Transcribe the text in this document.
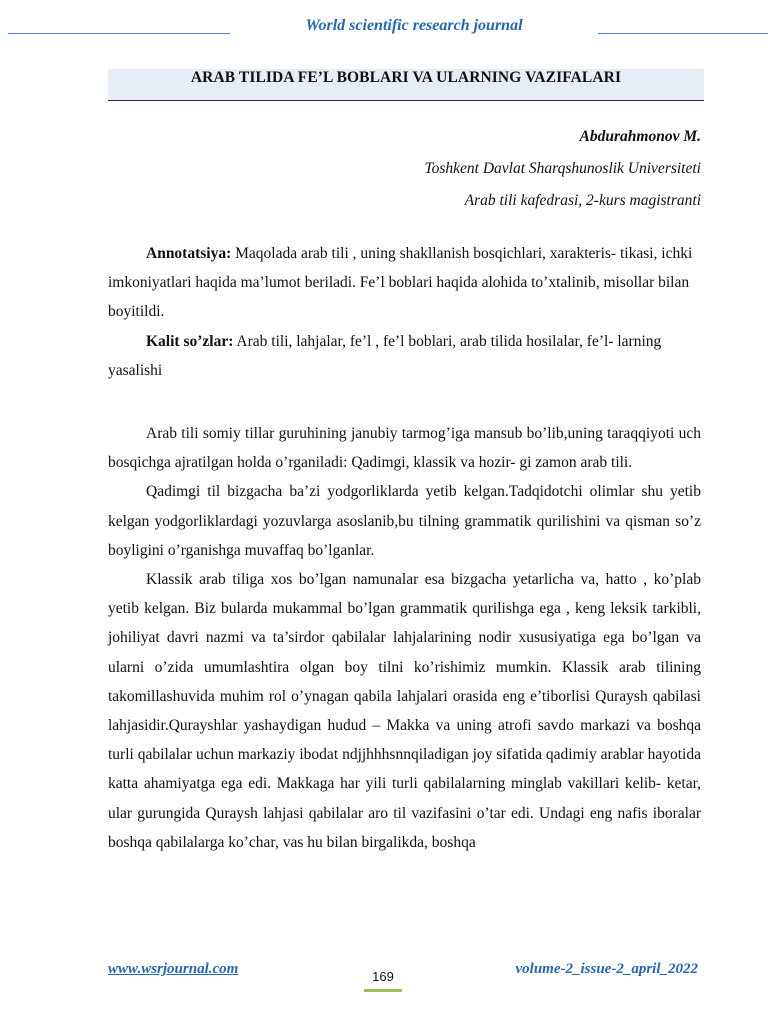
World scientific research journal
ARAB TILIDA FE’L BOBLARI VA ULARNING VAZIFALARI
Abdurahmonov M.
Toshkent Davlat Sharqshunoslik Universiteti
Arab tili kafedrasi, 2-kurs magistranti

Annotatsiya: Maqolada arab tili , uning shakllanish bosqichlari, xarakteris- tikasi, ichki imkoniyatlari haqida ma’lumot beriladi. Fe’l boblari haqida alohida to’xtalinib, misollar bilan boyitildi.

Kalit so’zlar: Arab tili, lahjalar, fe’l , fe’l boblari, arab tilida hosilalar, fe’l- larning yasalishi

Arab tili somiy tillar guruhining janubiy tarmog’iga mansub bo’lib,uning taraqqiyoti uch bosqichga ajratilgan holda o’rganiladi: Qadimgi, klassik va hozir- gi zamon arab tili.

Qadimgi til bizgacha ba’zi yodgorliklarda yetib kelgan.Tadqidotchi olimlar shu yetib kelgan yodgorliklardagi yozuvlarga asoslanib,bu tilning grammatik qurilishini va qisman so’z boyligini o’rganishga muvaffaq bo’lganlar.

Klassik arab tiliga xos bo’lgan namunalar esa bizgacha yetarlicha va, hatto , ko’plab yetib kelgan. Biz bularda mukammal bo’lgan grammatik qurilishga ega , keng leksik tarkibli, johiliyat davri nazmi va ta’sirdor qabilalar lahjalarining nodir xususiyatiga ega bo’lgan va ularni o’zida umumlashtira olgan boy tilni ko’rishimiz mumkin. Klassik arab tilining takomillashuvida muhim rol o’ynagan qabila lahjalari orasida eng e’tiborlisi Quraysh qabilasi lahjasidir.Qurayshlar yashaydigan hudud – Makka va uning atrofi savdo markazi va boshqa turli qabilalar uchun markaziy ibodat ndjjhhhsnnqiladigan joy sifatida qadimiy arablar hayotida katta ahamiyatga ega edi. Makkaga har yili turli qabilalarning minglab vakillari kelib- ketar, ular gurungida Quraysh lahjasi qabilalar aro til vazifasini o’tar edi. Undagi eng nafis iboralar boshqa qabilalarga ko’char, vas hu bilan birgalikda, boshqa

www.wsrjournal.com	169	volume-2_issue-2_april_2022
